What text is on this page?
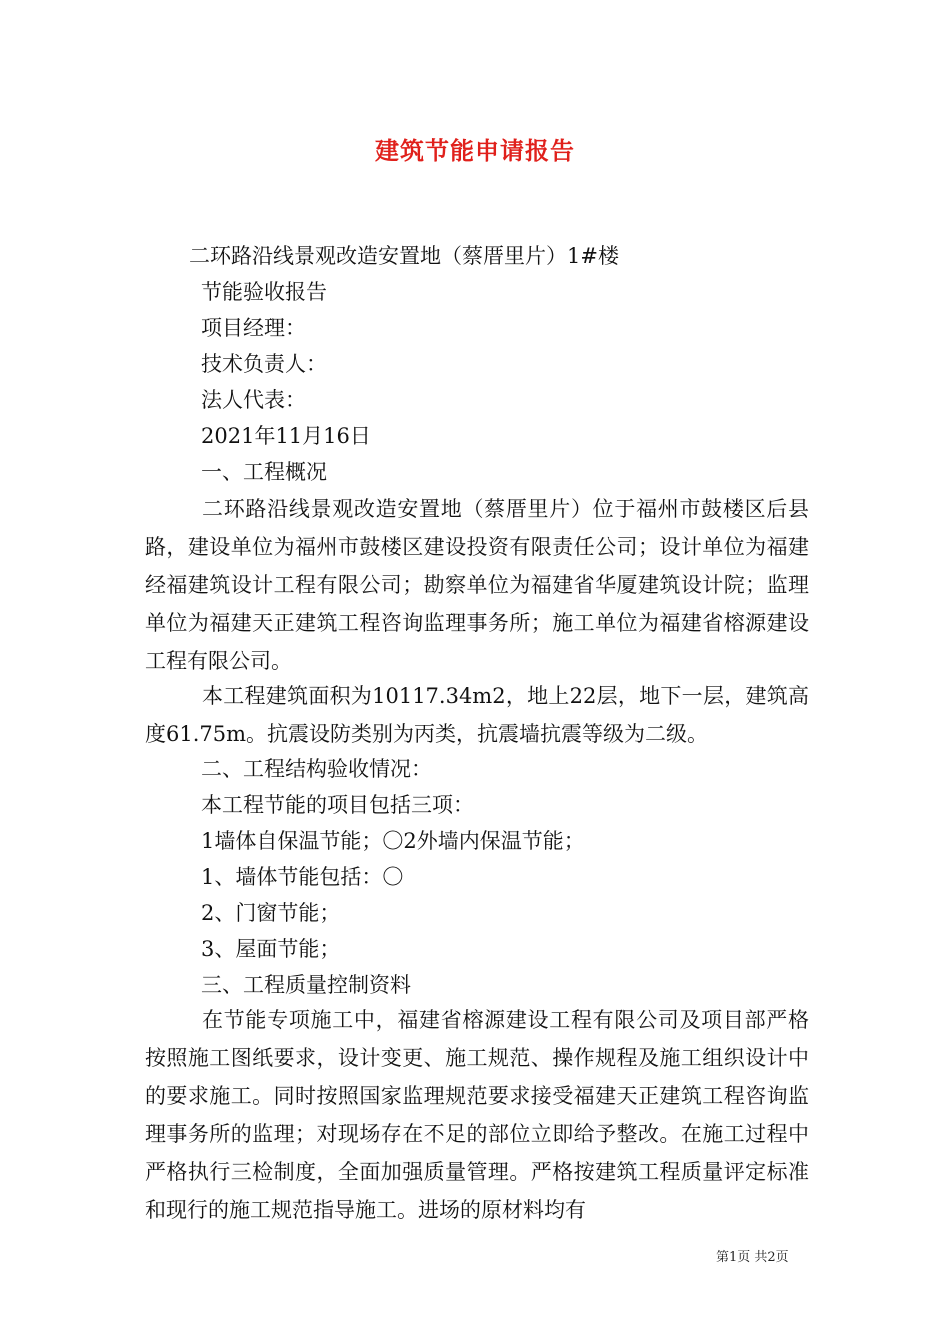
建筑节能申请报告
二环路沿线景观改造安置地（蔡厝里片）1#楼
节能验收报告
项目经理：
技术负责人：
法人代表：
2021年11月16日
一、工程概况
二环路沿线景观改造安置地（蔡厝里片）位于福州市鼓楼区后县路，建设单位为福州市鼓楼区建设投资有限责任公司；设计单位为福建经福建筑设计工程有限公司；勘察单位为福建省华厦建筑设计院；监理单位为福建天正建筑工程咨询监理事务所；施工单位为福建省榕源建设工程有限公司。
本工程建筑面积为10117.34m2，地上22层，地下一层，建筑高度61.75m。抗震设防类别为丙类，抗震墙抗震等级为二级。
二、工程结构验收情况：
本工程节能的项目包括三项：
1墙体自保温节能；〇2外墙内保温节能；
1、墙体节能包括：〇
2、门窗节能；
3、屋面节能；
三、工程质量控制资料
在节能专项施工中，福建省榕源建设工程有限公司及项目部严格按照施工图纸要求，设计变更、施工规范、操作规程及施工组织设计中的要求施工。同时按照国家监理规范要求接受福建天正建筑工程咨询监理事务所的监理；对现场存在不足的部位立即给予整改。在施工过程中严格执行三检制度，全面加强质量管理。严格按建筑工程质量评定标准和现行的施工规范指导施工。进场的原材料均有
第1页 共2页
